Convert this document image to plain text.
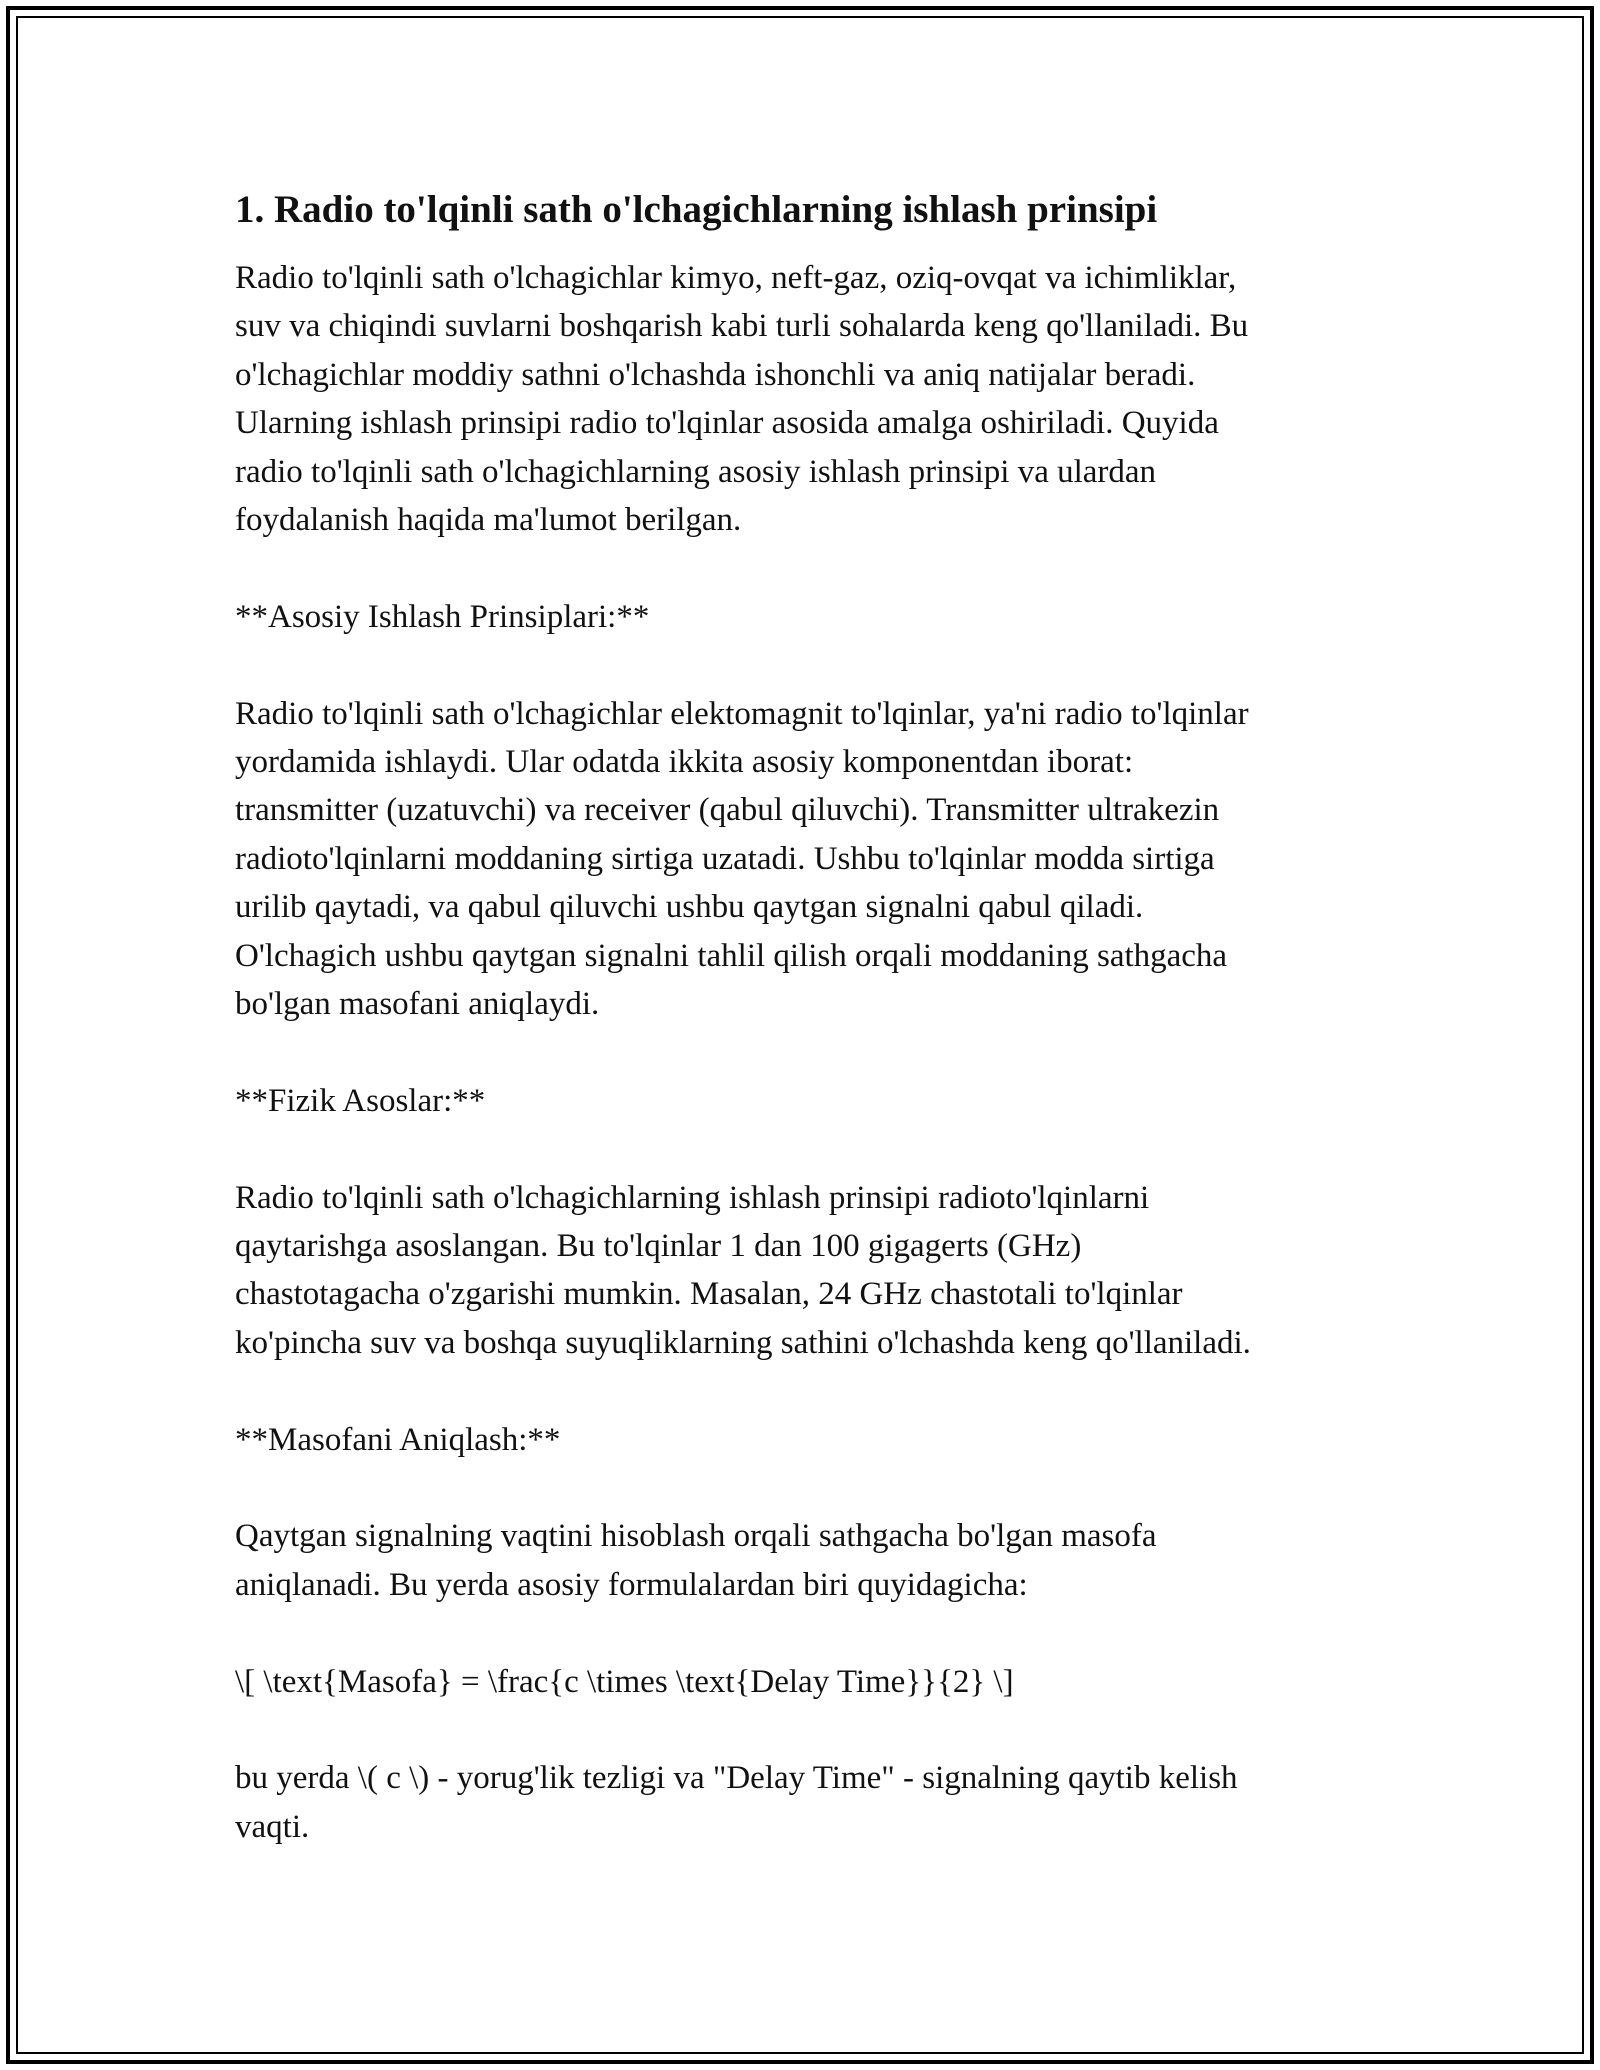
1. Radio to'lqinli sath o'lchagichlarning ishlash prinsipi

Radio to'lqinli sath o'lchagichlar kimyo, neft-gaz, oziq-ovqat va ichimliklar,
suv va chiqindi suvlarni boshqarish kabi turli sohalarda keng qo'llaniladi. Bu
o'lchagichlar moddiy sathni o'lchashda ishonchli va aniq natijalar beradi.
Ularning ishlash prinsipi radio to'lqinlar asosida amalga oshiriladi. Quyida
radio to'lqinli sath o'lchagichlarning asosiy ishlash prinsipi va ulardan
foydalanish haqida ma'lumot berilgan.

**Asosiy Ishlash Prinsiplari:**

Radio to'lqinli sath o'lchagichlar elektomagnit to'lqinlar, ya'ni radio to'lqinlar
yordamida ishlaydi. Ular odatda ikkita asosiy komponentdan iborat:
transmitter (uzatuvchi) va receiver (qabul qiluvchi). Transmitter ultrakezin
radioto'lqinlarni moddaning sirtiga uzatadi. Ushbu to'lqinlar modda sirtiga
urilib qaytadi, va qabul qiluvchi ushbu qaytgan signalni qabul qiladi.
O'lchagich ushbu qaytgan signalni tahlil qilish orqali moddaning sathgacha
bo'lgan masofani aniqlaydi.

**Fizik Asoslar:**

Radio to'lqinli sath o'lchagichlarning ishlash prinsipi radioto'lqinlarni
qaytarishga asoslangan. Bu to'lqinlar 1 dan 100 gigagerts (GHz)
chastotagacha o'zgarishi mumkin. Masalan, 24 GHz chastotali to'lqinlar
ko'pincha suv va boshqa suyuqliklarning sathini o'lchashda keng qo'llaniladi.

**Masofani Aniqlash:**

Qaytgan signalning vaqtini hisoblash orqali sathgacha bo'lgan masofa
aniqlanadi. Bu yerda asosiy formulalardan biri quyidagicha:

\[ \text{Masofa} = \frac{c \times \text{Delay Time}}{2} \]

bu yerda \( c \) - yorug'lik tezligi va "Delay Time" - signalning qaytib kelish
vaqti.
